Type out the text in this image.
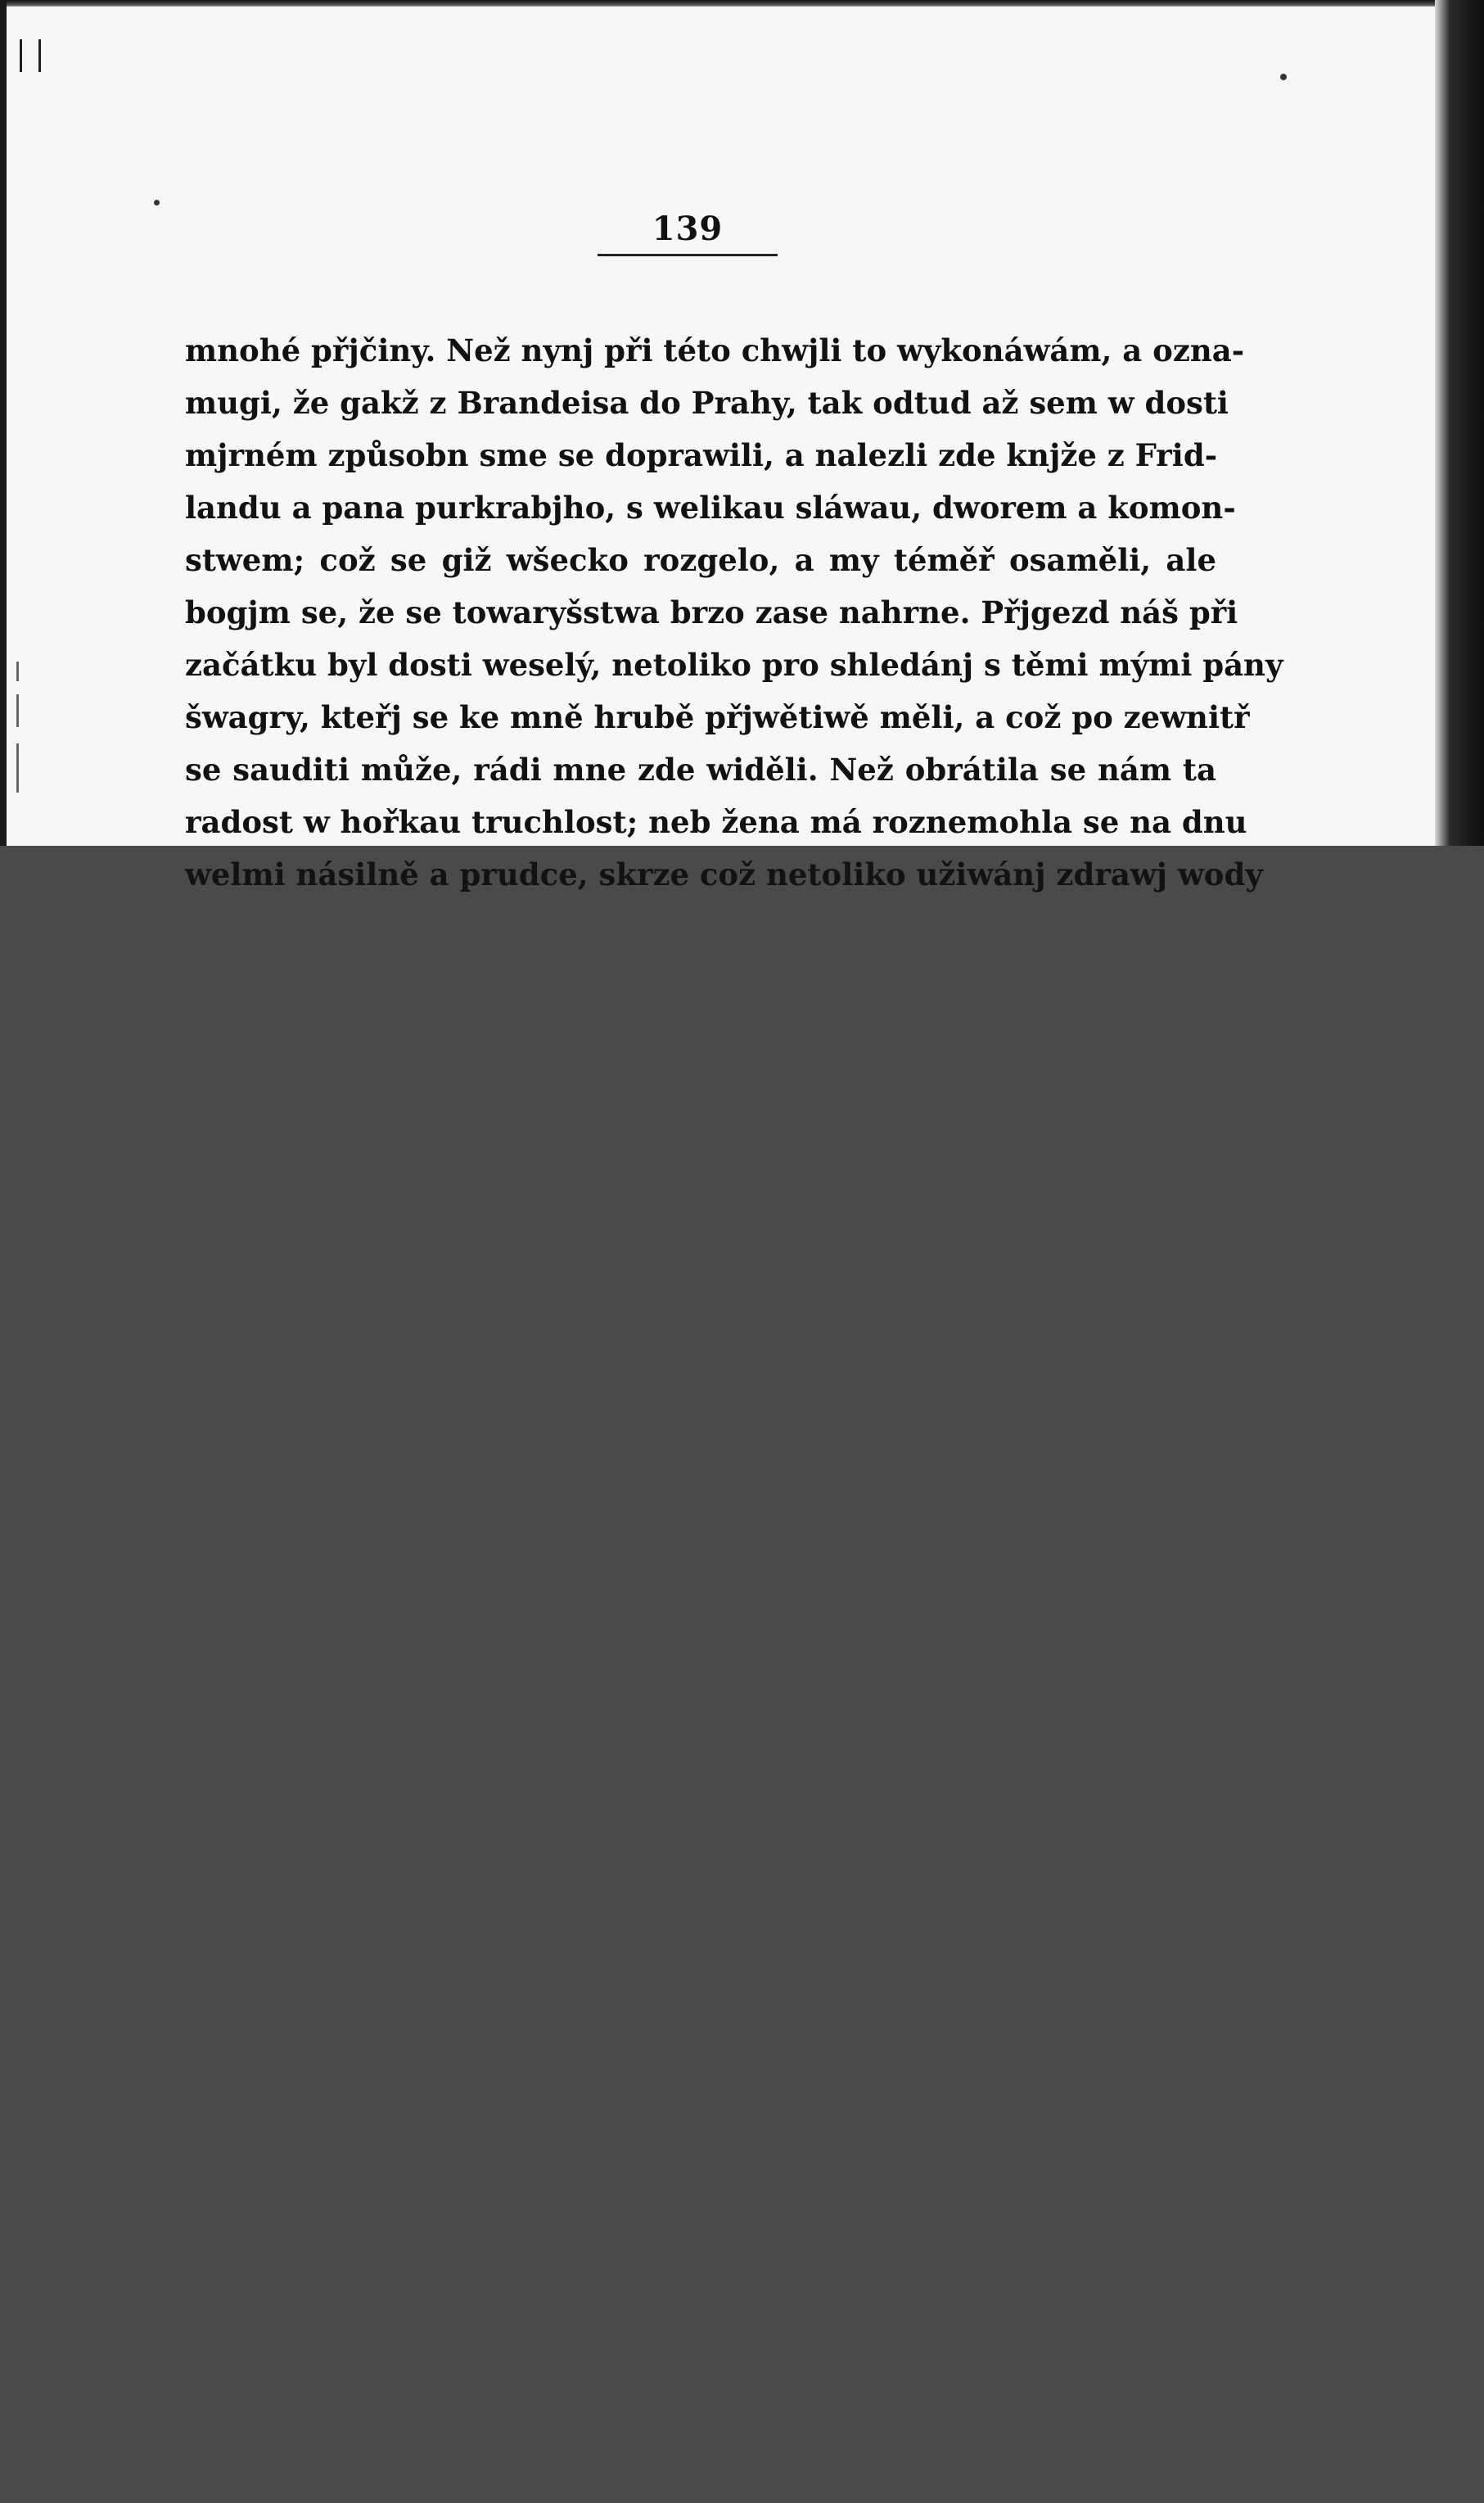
139
mnohé přjčiny. Než nynj při této chwjli to wykonáwám, a ozna-
mugi, že gakž z Brandeisa do Prahy, tak odtud až sem w dosti
mjrném způsobn sme se doprawili, a nalezli zde knjže z Frid-
landu a pana purkrabjho, s welikau sláwau, dworem a komon-
stwem; což se giž wšecko rozgelo, a my téměř osaměli, ale
bogjm se, že se towaryšstwa brzo zase nahrne. Přjgezd náš při
začátku byl dosti weselý, netoliko pro shledánj s těmi mými pány
šwagry, kteřj se ke mně hrubě přjwětiwě měli, a což po zewnitř
se sauditi může, rádi mne zde widěli. Než obrátila se nám ta
radost w hořkau truchlost; neb žena má roznemohla se na dnu
welmi násilně a prudce, skrze což netoliko užiwánj zdrawj wody
